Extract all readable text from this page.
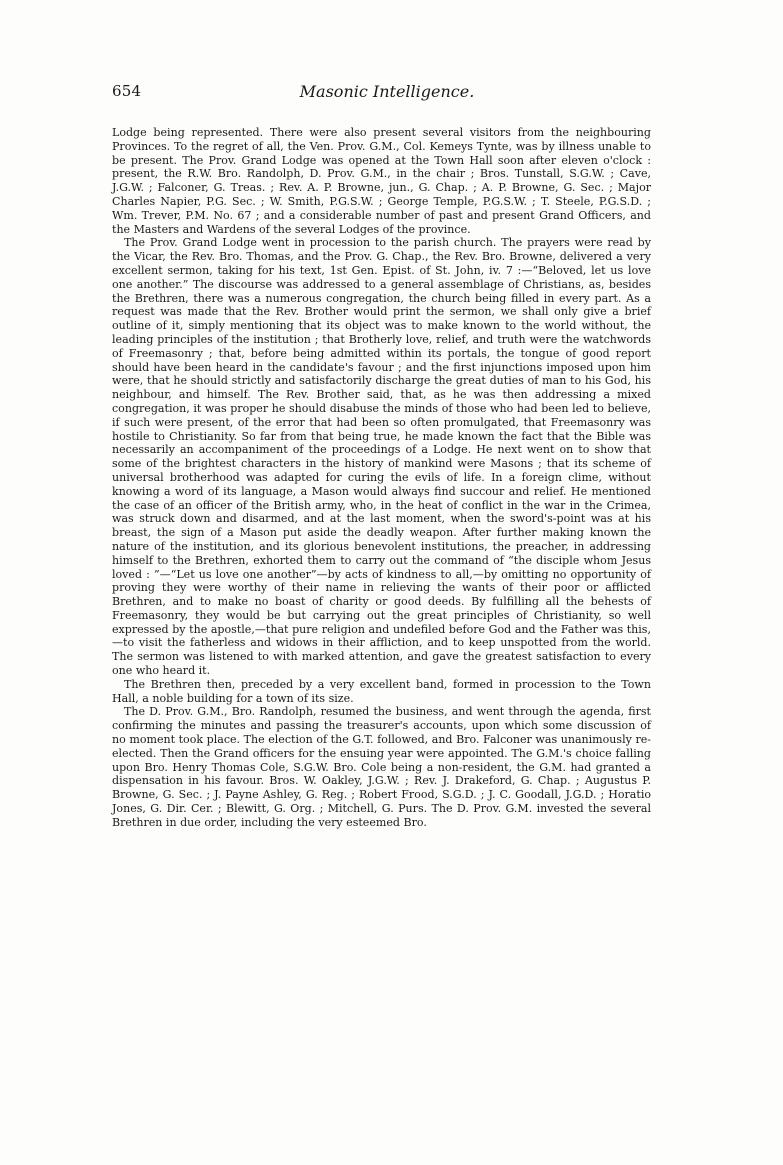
654	Masonic Intelligence.

Lodge being represented. There were also present several visitors from the neighbouring Provinces. To the regret of all, the Ven. Prov. G.M., Col. Kemeys Tynte, was by illness unable to be present. The Prov. Grand Lodge was opened at the Town Hall soon after eleven o'clock : present, the R.W. Bro. Randolph, D. Prov. G.M., in the chair ; Bros. Tunstall, S.G.W. ; Cave, J.G.W. ; Falconer, G. Treas. ; Rev. A. P. Browne, jun., G. Chap. ; A. P. Browne, G. Sec. ; Major Charles Napier, P.G. Sec. ; W. Smith, P.G.S.W. ; George Temple, P.G.S.W. ; T. Steele, P.G.S.D. ; Wm. Trever, P.M. No. 67 ; and a considerable number of past and present Grand Officers, and the Masters and Wardens of the several Lodges of the province.

The Prov. Grand Lodge went in procession to the parish church. The prayers were read by the Vicar, the Rev. Bro. Thomas, and the Prov. G. Chap., the Rev. Bro. Browne, delivered a very excellent sermon, taking for his text, 1st Gen. Epist. of St. John, iv. 7 :—“Beloved, let us love one another.” The discourse was addressed to a general assemblage of Christians, as, besides the Brethren, there was a numerous congregation, the church being filled in every part. As a request was made that the Rev. Brother would print the sermon, we shall only give a brief outline of it, simply mentioning that its object was to make known to the world without, the leading principles of the institution ; that Brotherly love, relief, and truth were the watchwords of Freemasonry ; that, before being admitted within its portals, the tongue of good report should have been heard in the candidate's favour ; and the first injunctions imposed upon him were, that he should strictly and satisfactorily discharge the great duties of man to his God, his neighbour, and himself. The Rev. Brother said, that, as he was then addressing a mixed congregation, it was proper he should disabuse the minds of those who had been led to believe, if such were present, of the error that had been so often promulgated, that Freemasonry was hostile to Christianity. So far from that being true, he made known the fact that the Bible was necessarily an accompaniment of the proceedings of a Lodge. He next went on to show that some of the brightest characters in the history of mankind were Masons ; that its scheme of universal brotherhood was adapted for curing the evils of life. In a foreign clime, without knowing a word of its language, a Mason would always find succour and relief. He mentioned the case of an officer of the British army, who, in the heat of conflict in the war in the Crimea, was struck down and disarmed, and at the last moment, when the sword's-point was at his breast, the sign of a Mason put aside the deadly weapon. After further making known the nature of the institution, and its glorious benevolent institutions, the preacher, in addressing himself to the Brethren, exhorted them to carry out the command of “the disciple whom Jesus loved : ”—“Let us love one another”—by acts of kindness to all,—by omitting no opportunity of proving they were worthy of their name in relieving the wants of their poor or afflicted Brethren, and to make no boast of charity or good deeds. By fulfilling all the behests of Freemasonry, they would be but carrying out the great principles of Christianity, so well expressed by the apostle,—that pure religion and undefiled before God and the Father was this,—to visit the fatherless and widows in their affliction, and to keep unspotted from the world. The sermon was listened to with marked attention, and gave the greatest satisfaction to every one who heard it.

The Brethren then, preceded by a very excellent band, formed in procession to the Town Hall, a noble building for a town of its size.

The D. Prov. G.M., Bro. Randolph, resumed the business, and went through the agenda, first confirming the minutes and passing the treasurer's accounts, upon which some discussion of no moment took place. The election of the G.T. followed, and Bro. Falconer was unanimously re-elected. Then the Grand officers for the ensuing year were appointed. The G.M.'s choice falling upon Bro. Henry Thomas Cole, S.G.W. Bro. Cole being a non-resident, the G.M. had granted a dispensation in his favour. Bros. W. Oakley, J.G.W. ; Rev. J. Drakeford, G. Chap. ; Augustus P. Browne, G. Sec. ; J. Payne Ashley, G. Reg. ; Robert Frood, S.G.D. ; J. C. Goodall, J.G.D. ; Horatio Jones, G. Dir. Cer. ; Blewitt, G. Org. ; Mitchell, G. Purs. The D. Prov. G.M. invested the several Brethren in due order, including the very esteemed Bro.
